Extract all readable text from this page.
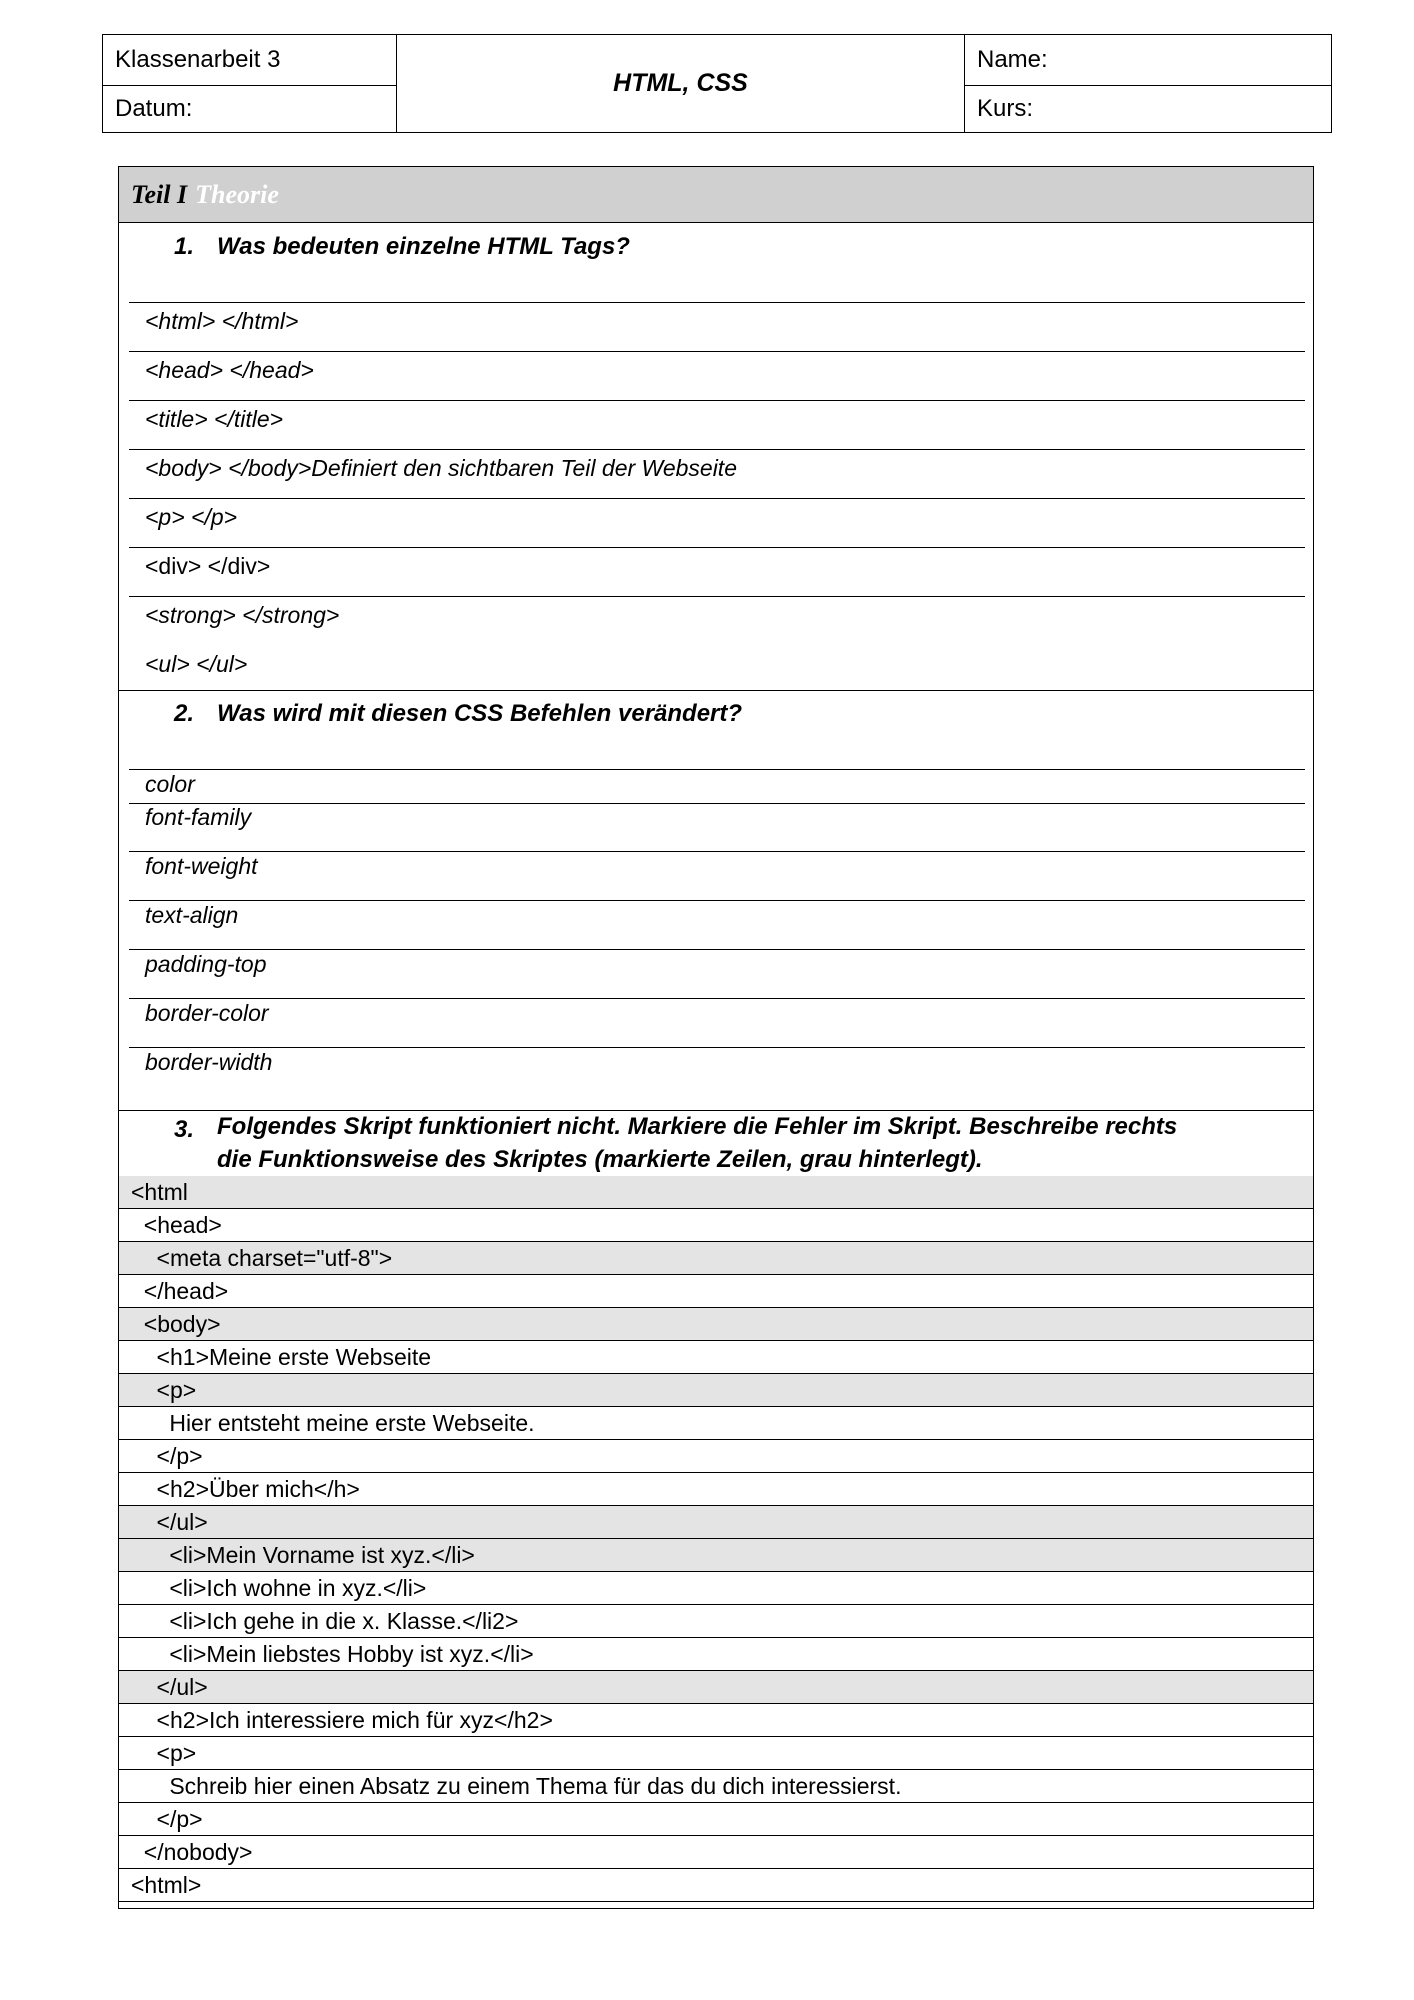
Klassenarbeit 3
Datum:
HTML, CSS
Name:
Kurs:
Teil I Theorie
1. Was bedeuten einzelne HTML Tags?
<html> </html>
<head> </head>
<title> </title>
<body> </body>Definiert den sichtbaren Teil der Webseite
<p> </p>
<div> </div>
<strong> </strong>
<ul> </ul>
2. Was wird mit diesen CSS Befehlen verändert?
color
font-family
font-weight
text-align
padding-top
border-color
border-width
3. Folgendes Skript funktioniert nicht. Markiere die Fehler im Skript. Beschreibe rechts die Funktionsweise des Skriptes (markierte Zeilen, grau hinterlegt).
<html
<head>
<meta charset="utf-8">
</head>
<body>
<h1>Meine erste Webseite
<p>
Hier entsteht meine erste Webseite.
</p>
<h2>Über mich</h>
</ul>
<li>Mein Vorname ist xyz.</li>
<li>Ich wohne in xyz.</li>
<li>Ich gehe in die x. Klasse.</li2>
<li>Mein liebstes Hobby ist xyz.</li>
</ul>
<h2>Ich interessiere mich für xyz</h2>
<p>
Schreib hier einen Absatz zu einem Thema für das du dich interessierst.
</p>
</nobody>
<html>
